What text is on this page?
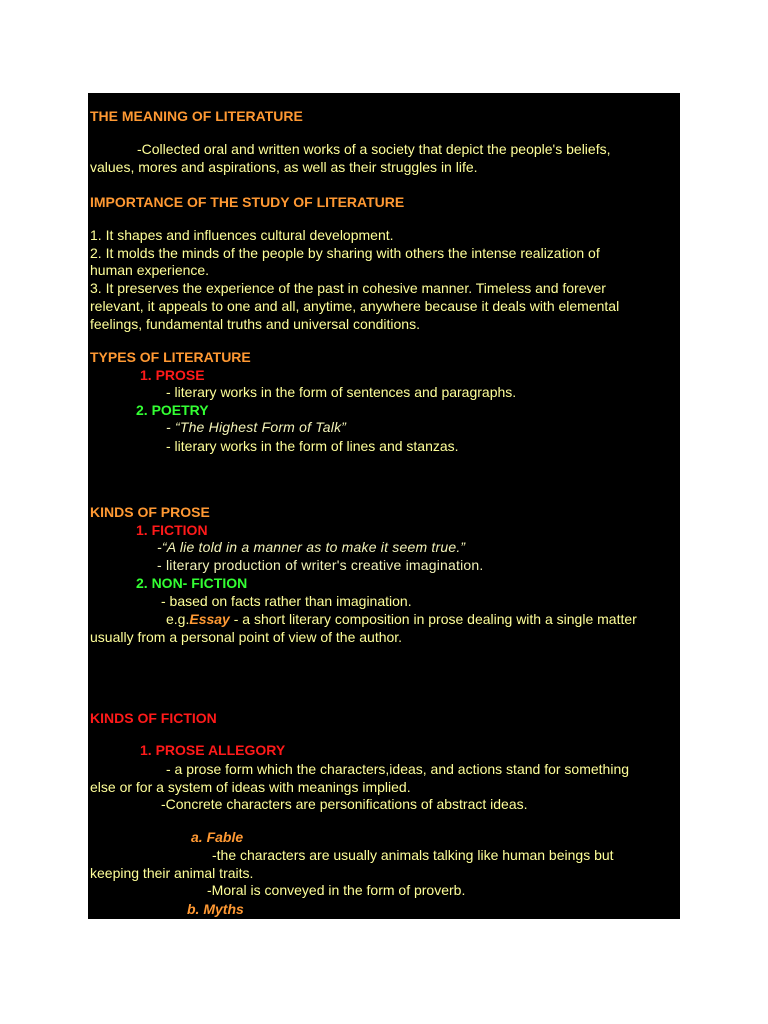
THE MEANING OF LITERATURE
-Collected oral and written works of a society that depict the people's beliefs,
values, mores and aspirations, as well as their struggles in life.
IMPORTANCE OF THE STUDY OF LITERATURE
1. It shapes and influences cultural development.
2. It molds the minds of the people by sharing with others the intense realization of
human experience.
3. It preserves the experience of the past in cohesive manner. Timeless and forever
relevant, it appeals to one and all, anytime, anywhere because it deals with elemental
feelings, fundamental truths and universal conditions.
TYPES OF LITERATURE
1. PROSE
- literary works in the form of sentences and paragraphs.
2. POETRY
- “The Highest Form of Talk”
- literary works in the form of lines and stanzas.
KINDS OF PROSE
1. FICTION
-“A lie told in a manner as to make it seem true.”
- literary production of writer's creative imagination.
2. NON- FICTION
- based on facts rather than imagination.
e.g.Essay - a short literary composition in prose dealing with a single matter
usually from a personal point of view of the author.
KINDS OF FICTION
1. PROSE ALLEGORY
- a prose form which the characters,ideas, and actions stand for something
else or for a system of ideas with meanings implied.
-Concrete characters are personifications of abstract ideas.
a. Fable
-the characters are usually animals talking like human beings but
keeping their animal traits.
-Moral is conveyed in the form of proverb.
b. Myths
